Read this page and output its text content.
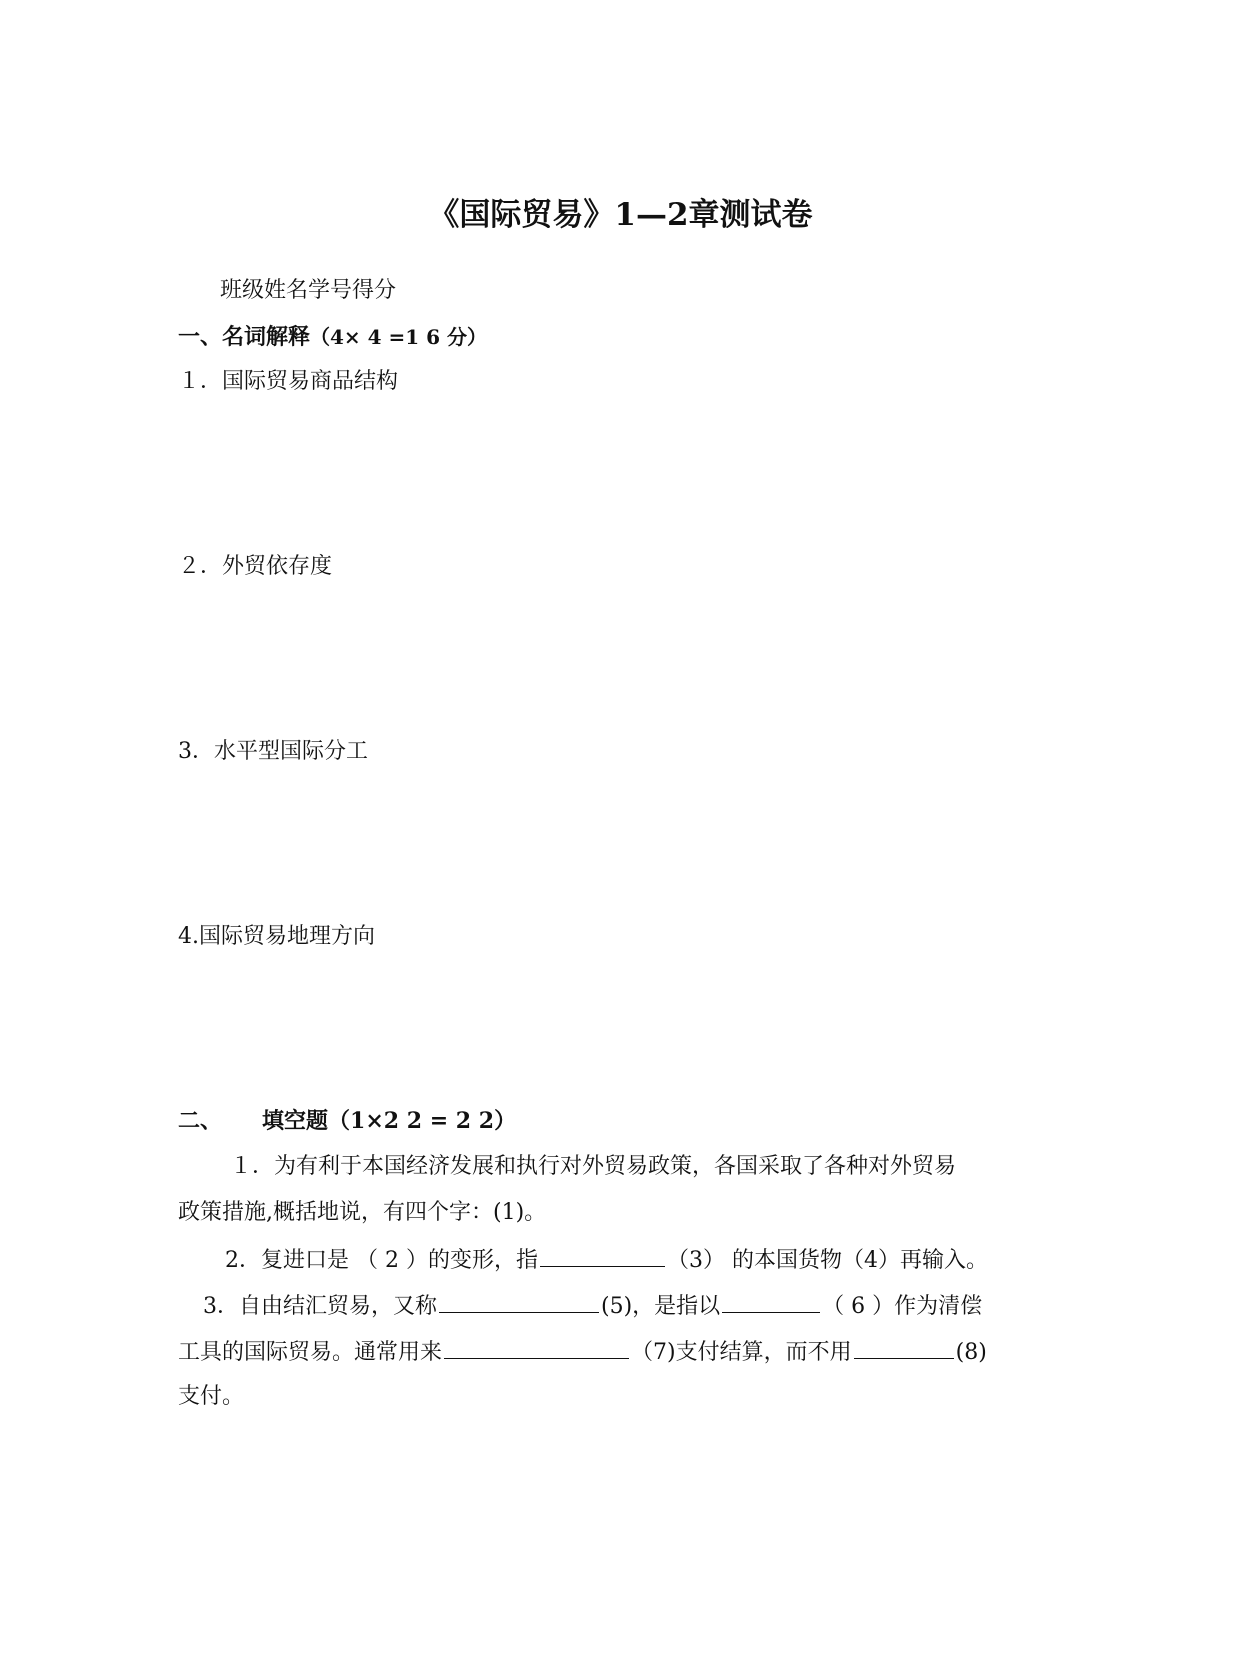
《国际贸易》1—2章测试卷
班级姓名学号得分
一、名词解释（4× 4 =1 6 分）
１．国际贸易商品结构
２．外贸依存度
3．水平型国际分工
4.国际贸易地理方向
二、 填空题（1×2 2 = 2 2）
１．为有利于本国经济发展和执行对外贸易政策，各国采取了各种对外贸易
政策措施,概括地说，有四个字：(1)。
2．复进口是 （ 2 ）的变形，指	（3） 的本国货物（4）再输入。
3．自由结汇贸易，又称	(5)，是指以	（ 6 ）作为清偿
工具的国际贸易。通常用来	（7)支付结算，而不用	(8)
支付。
